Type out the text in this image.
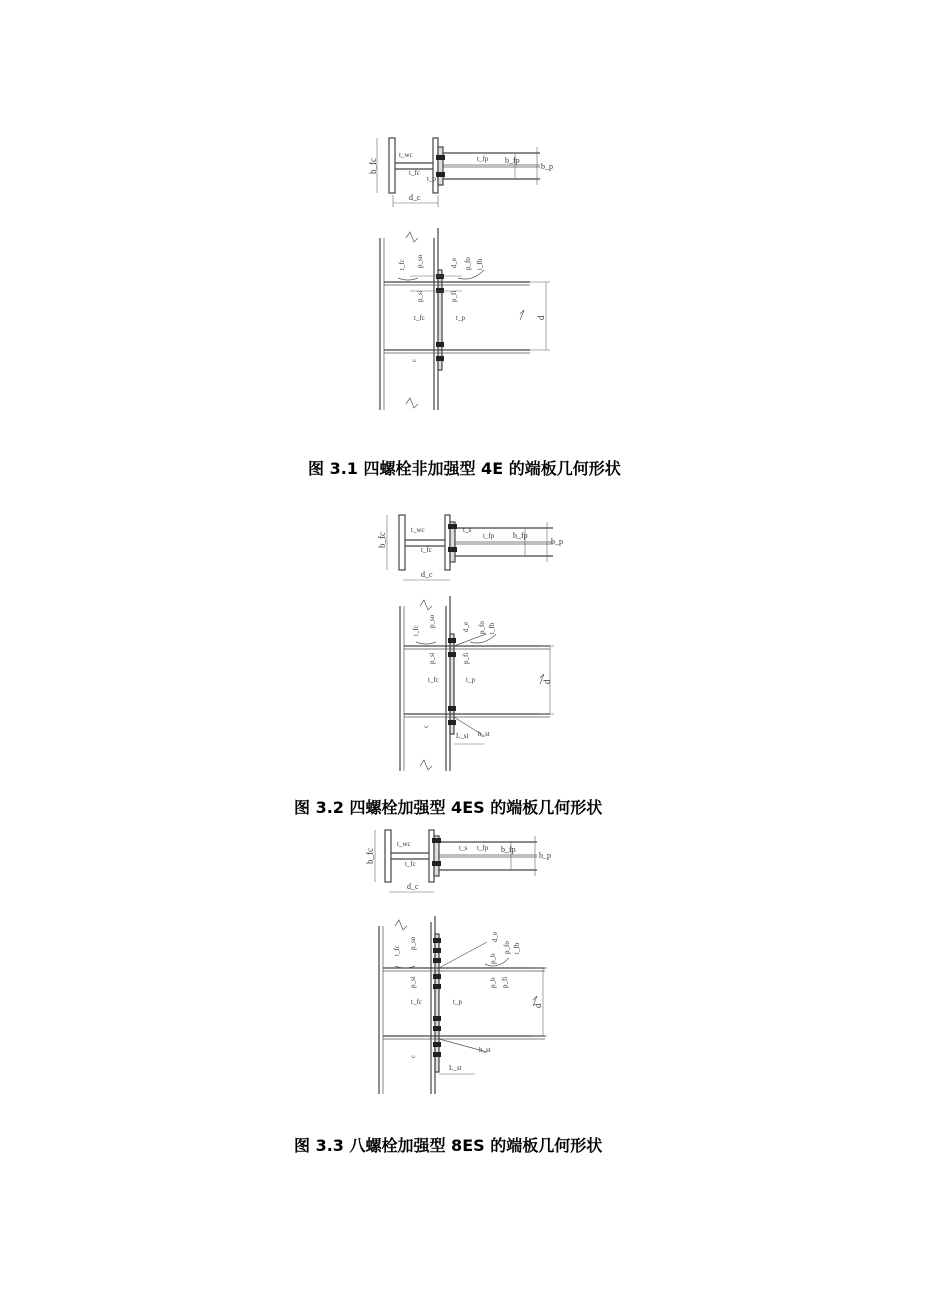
b_fc
t_wc
t_fc
t_fp
t_p
b_fp
b_p
d_c
t_fc p_so	d_e p_fo t_fb
p_si	p_fi
t_fc	t_p	d
c
图 3.1 四螺栓非加强型 4E 的端板几何形状
b_fc
t_wc
t_fc
t_s
t_fp b_fp
b_p
d_c
t_fc
p_so	d_e p_fo t_fb
p_si	p_fi
t_fc	t_p	d
c
L_st h_st
图 3.2 四螺栓加强型 4ES 的端板几何形状
b_fc
t_wc
t_fc
t_s t_fp b_fp
b_p
d_c
t_fc
p_so	d_e
p_b
p_fo t_fb
p_si	p_b p_fi
t_fc	t_p	d
c
h_st
L_st
图 3.3 八螺栓加强型 8ES 的端板几何形状
